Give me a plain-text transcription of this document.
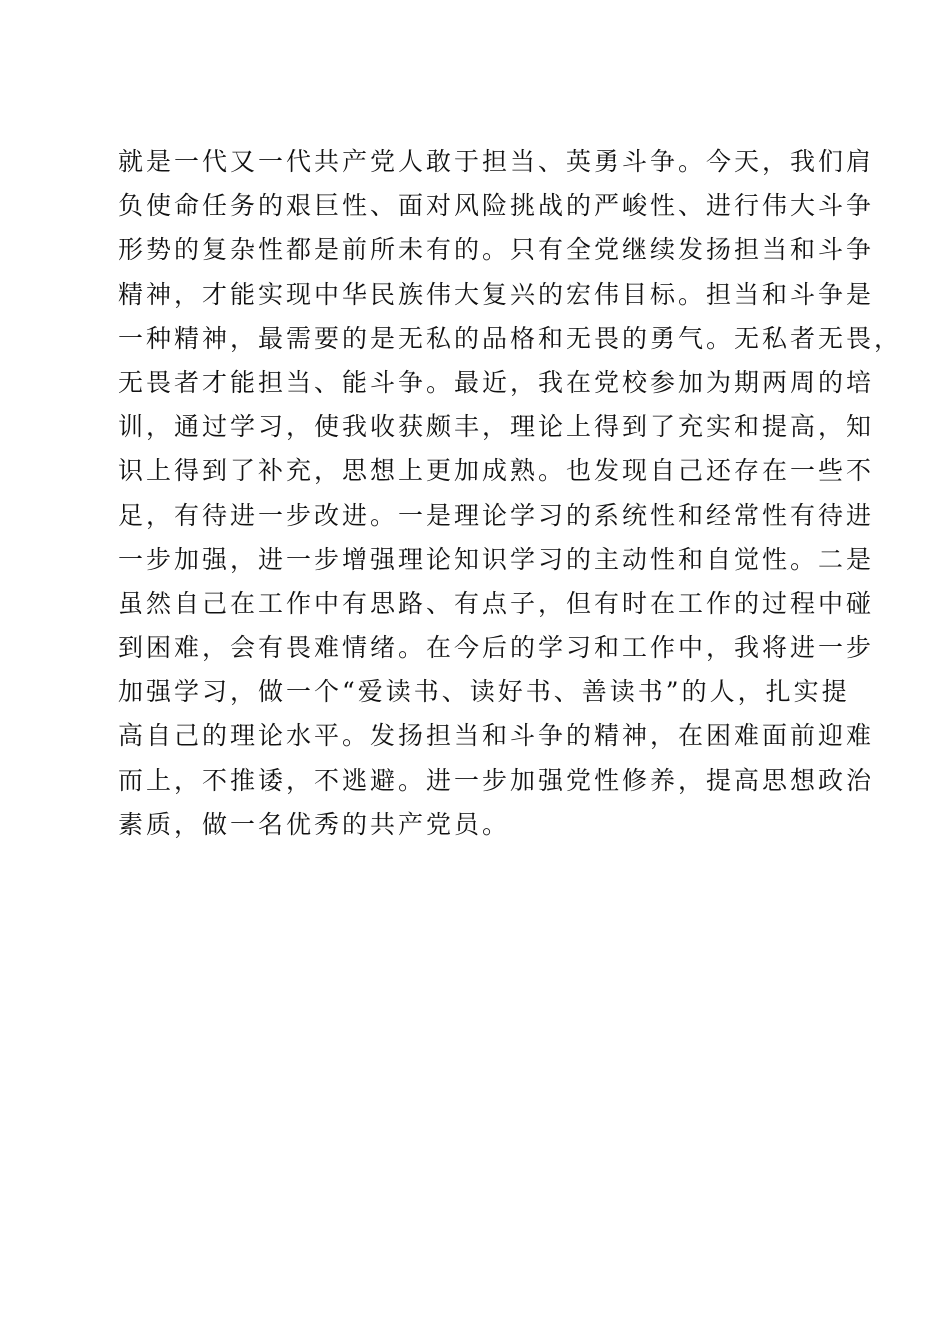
就是一代又一代共产党人敢于担当、英勇斗争。今天，我们肩
负使命任务的艰巨性、面对风险挑战的严峻性、进行伟大斗争
形势的复杂性都是前所未有的。只有全党继续发扬担当和斗争
精神，才能实现中华民族伟大复兴的宏伟目标。担当和斗争是
一种精神，最需要的是无私的品格和无畏的勇气。无私者无畏，
无畏者才能担当、能斗争。最近，我在党校参加为期两周的培
训，通过学习，使我收获颇丰，理论上得到了充实和提高，知
识上得到了补充，思想上更加成熟。也发现自己还存在一些不
足，有待进一步改进。一是理论学习的系统性和经常性有待进
一步加强，进一步增强理论知识学习的主动性和自觉性。二是
虽然自己在工作中有思路、有点子，但有时在工作的过程中碰
到困难，会有畏难情绪。在今后的学习和工作中，我将进一步
加强学习，做一个“爱读书、读好书、善读书”的人，扎实提
高自己的理论水平。发扬担当和斗争的精神，在困难面前迎难
而上，不推诿，不逃避。进一步加强党性修养，提高思想政治
素质，做一名优秀的共产党员。
